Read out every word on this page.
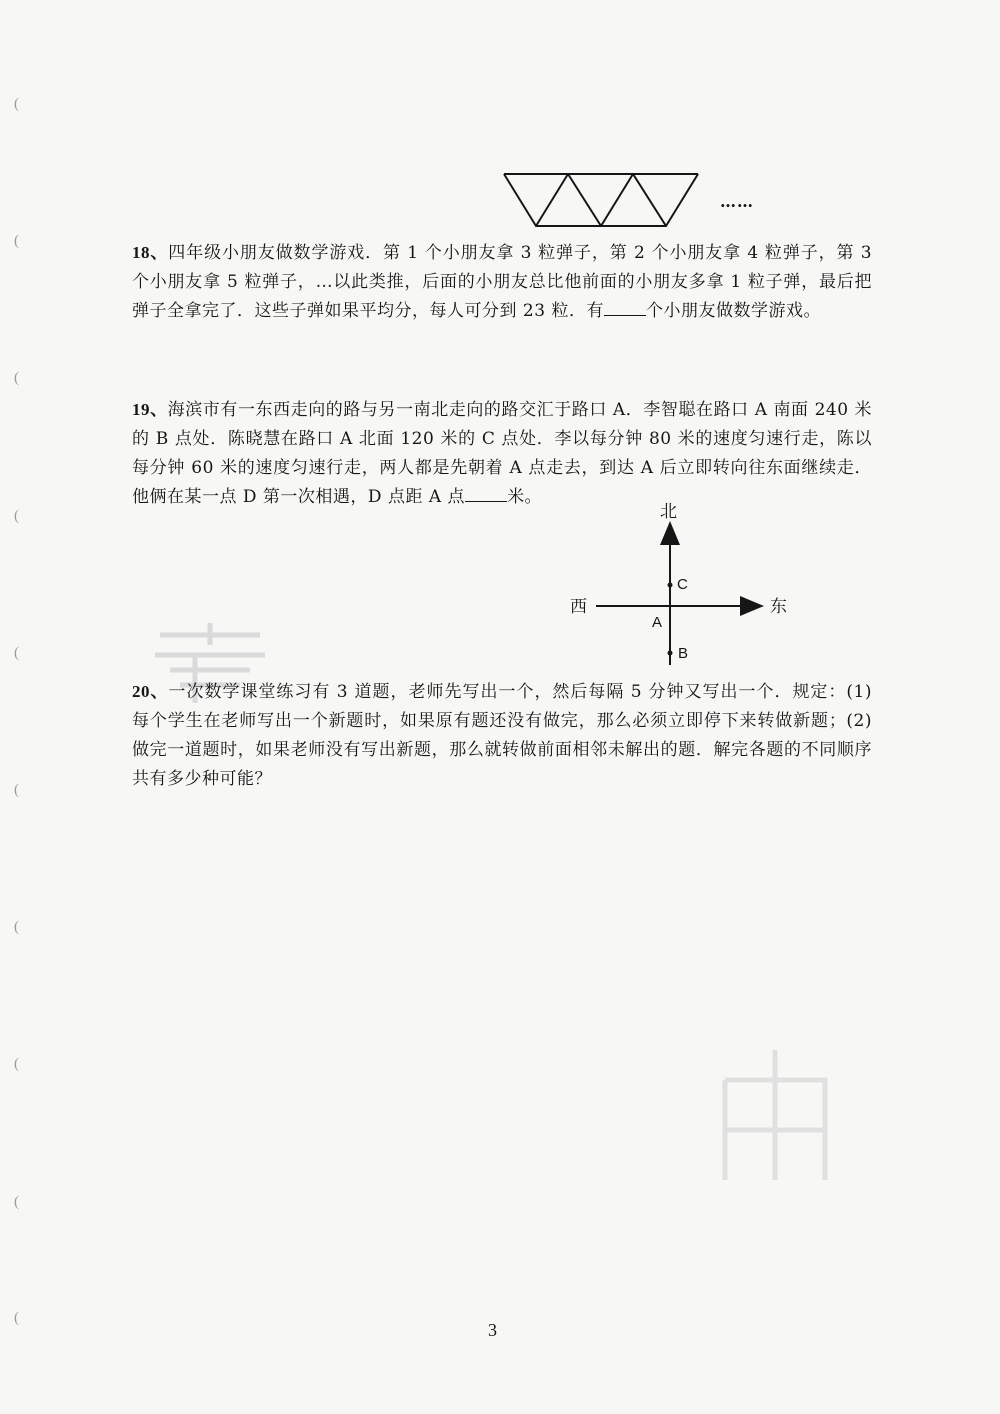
(
(
(
(
(
(
(
(
(
(
……
18、四年级小朋友做数学游戏．第 1 个小朋友拿 3 粒弹子，第 2 个小朋友拿 4 粒弹子，第 3 个小朋友拿 5 粒弹子，…以此类推，后面的小朋友总比他前面的小朋友多拿 1 粒子弹，最后把弹子全拿完了．这些子弹如果平均分，每人可分到 23 粒．有 个小朋友做数学游戏。
19、海滨市有一东西走向的路与另一南北走向的路交汇于路口 A．李智聪在路口 A 南面 240 米的 B 点处．陈晓慧在路口 A 北面 120 米的 C 点处．李以每分钟 80 米的速度匀速行走，陈以每分钟 60 米的速度匀速行走，两人都是先朝着 A 点走去，到达 A 后立即转向往东面继续走．他俩在某一点 D 第一次相遇，D 点距 A 点 米。
北
东
西
C
A
B
20、一次数学课堂练习有 3 道题，老师先写出一个，然后每隔 5 分钟又写出一个．规定：(1) 每个学生在老师写出一个新题时，如果原有题还没有做完，那么必须立即停下来转做新题；(2) 做完一道题时，如果老师没有写出新题，那么就转做前面相邻未解出的题．解完各题的不同顺序共有多少种可能？
3
